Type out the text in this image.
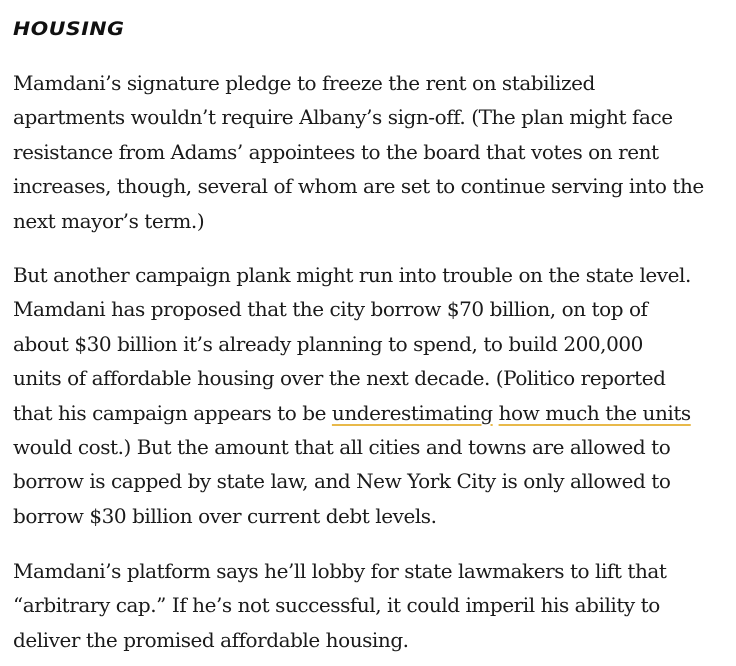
HOUSING

Mamdani’s signature pledge to freeze the rent on stabilized
apartments wouldn’t require Albany’s sign-off. (The plan might face
resistance from Adams’ appointees to the board that votes on rent
increases, though, several of whom are set to continue serving into the
next mayor’s term.)

But another campaign plank might run into trouble on the state level.
Mamdani has proposed that the city borrow $70 billion, on top of
about $30 billion it’s already planning to spend, to build 200,000
units of affordable housing over the next decade. (Politico reported
that his campaign appears to be underestimating how much the units
would cost.) But the amount that all cities and towns are allowed to
borrow is capped by state law, and New York City is only allowed to
borrow $30 billion over current debt levels.

Mamdani’s platform says he’ll lobby for state lawmakers to lift that
“arbitrary cap.” If he’s not successful, it could imperil his ability to
deliver the promised affordable housing.
